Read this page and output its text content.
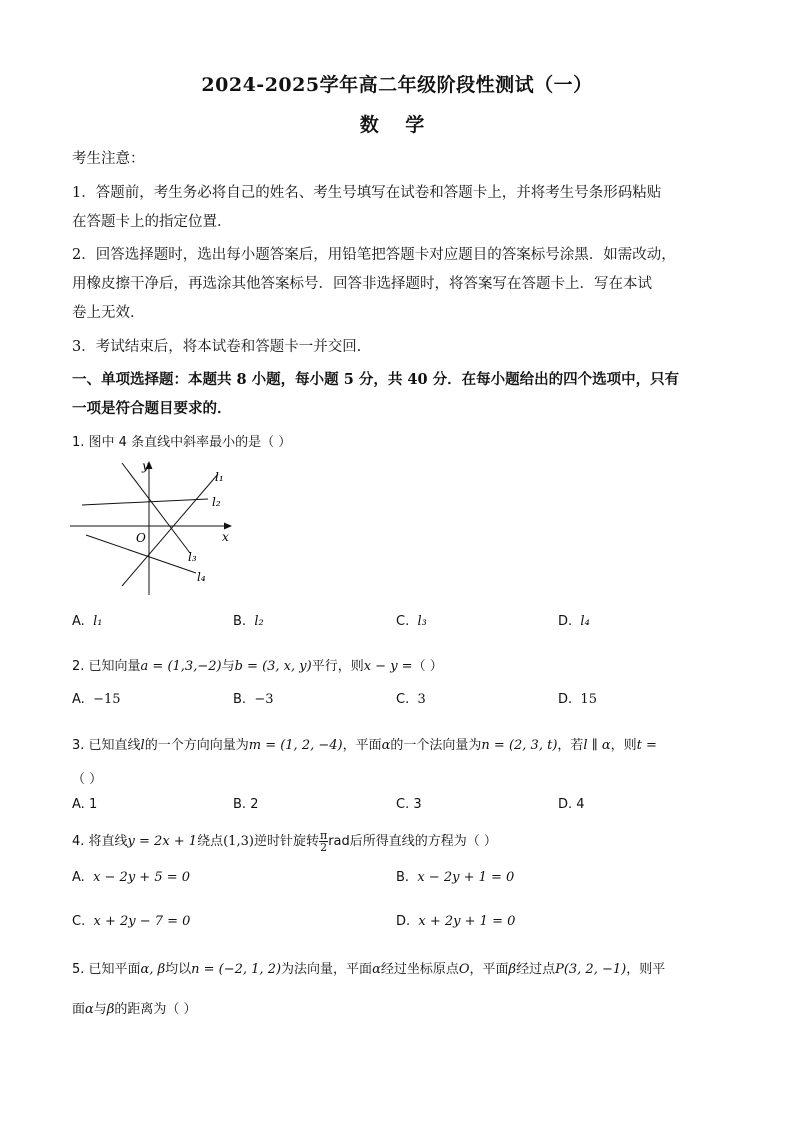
2024-2025学年高二年级阶段性测试（一）
数 学
考生注意：
1．答题前，考生务必将自己的姓名、考生号填写在试卷和答题卡上，并将考生号条形码粘贴
在答题卡上的指定位置．
2．回答选择题时，选出每小题答案后，用铅笔把答题卡对应题目的答案标号涂黑．如需改动，
用橡皮擦干净后，再选涂其他答案标号．回答非选择题时，将答案写在答题卡上．写在本试
卷上无效．
3．考试结束后，将本试卷和答题卡一并交回．
一、单项选择题：本题共 8 小题，每小题 5 分，共 40 分．在每小题给出的四个选项中，只有
一项是符合题目要求的．
1. 图中 4 条直线中斜率最小的是（ ）
y
x
O
l₁
l₂
l₃
l₄
A. l₁	B. l₂	C. l₃	D. l₄
2. 已知向量a = (1,3,−2)与b = (3, x, y)平行，则x − y =（ ）
A. −15	B. −3	C. 3	D. 15
3. 已知直线l的一个方向向量为m = (1, 2, −4)，平面α的一个法向量为n = (2, 3, t)，若l ∥ α，则t =
（ ）
A. 1	B. 2	C. 3	D. 4
4. 将直线y = 2x + 1绕点(1,3)逆时针旋转 $\frac{\pi}{2}$ rad后所得直线的方程为（ ）
A. x − 2y + 5 = 0	B. x − 2y + 1 = 0
C. x + 2y − 7 = 0	D. x + 2y + 1 = 0
5. 已知平面α, β均以n = (−2, 1, 2)为法向量，平面α经过坐标原点O，平面β经过点P(3, 2, −1)，则平
面α与β的距离为（ ）
